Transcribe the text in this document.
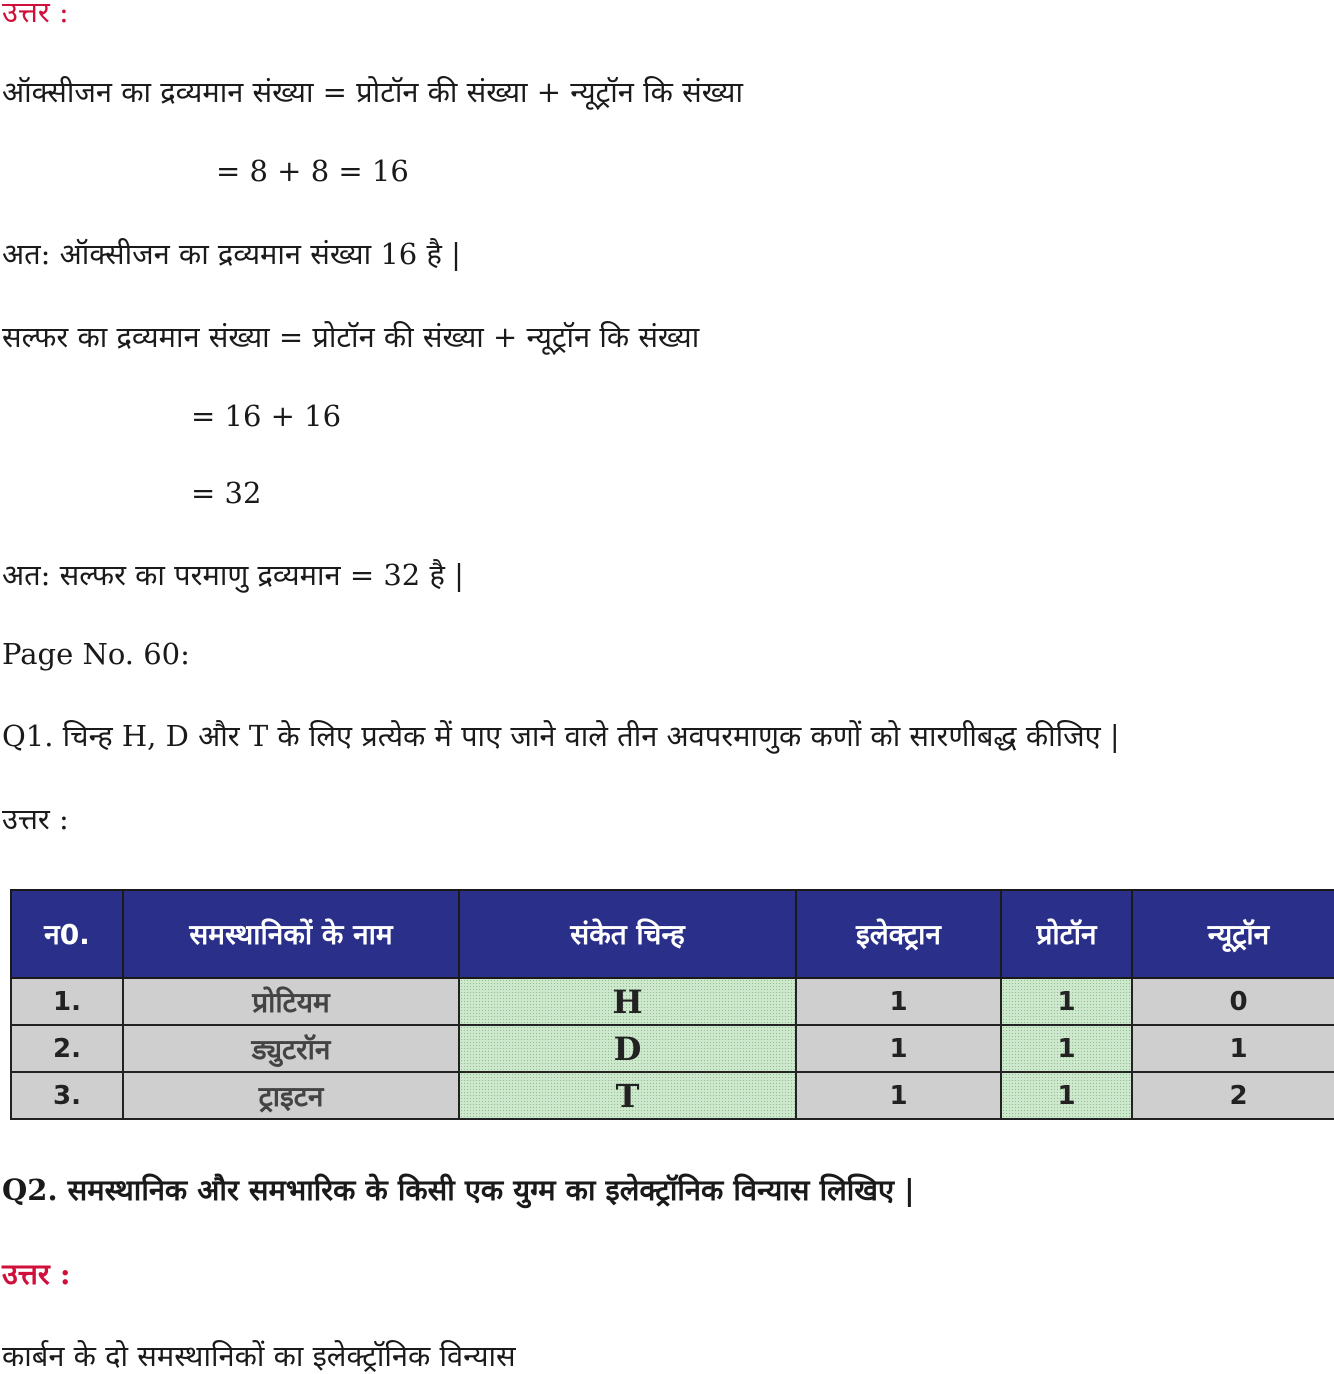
उत्तर :
ऑक्सीजन का द्रव्यमान संख्या = प्रोटॉन की संख्या + न्यूट्रॉन कि संख्या
= 8 + 8 = 16
अत: ऑक्सीजन का द्रव्यमान संख्या 16 है |
सल्फर का द्रव्यमान संख्या = प्रोटॉन की संख्या + न्यूट्रॉन कि संख्या
= 16 + 16
= 32
अत: सल्फर का परमाणु द्रव्यमान = 32 है |
Page No. 60:
Q1. चिन्ह H, D और T के लिए प्रत्येक में पाए जाने वाले तीन अवपरमाणुक कणों को सारणीबद्ध कीजिए |
उत्तर :
न0.	समस्थानिकों के नाम	संकेत चिन्ह	इलेक्ट्रान	प्रोटॉन	न्यूट्रॉन
1.	प्रोटियम	H	1	1	0
2.	ड्युटरॉन	D	1	1	1
3.	ट्राइटन	T	1	1	2
Q2. समस्थानिक और समभारिक के किसी एक युग्म का इलेक्ट्रॉनिक विन्यास लिखिए |
उत्तर :
कार्बन के दो समस्थानिकों का इलेक्ट्रॉनिक विन्यास
